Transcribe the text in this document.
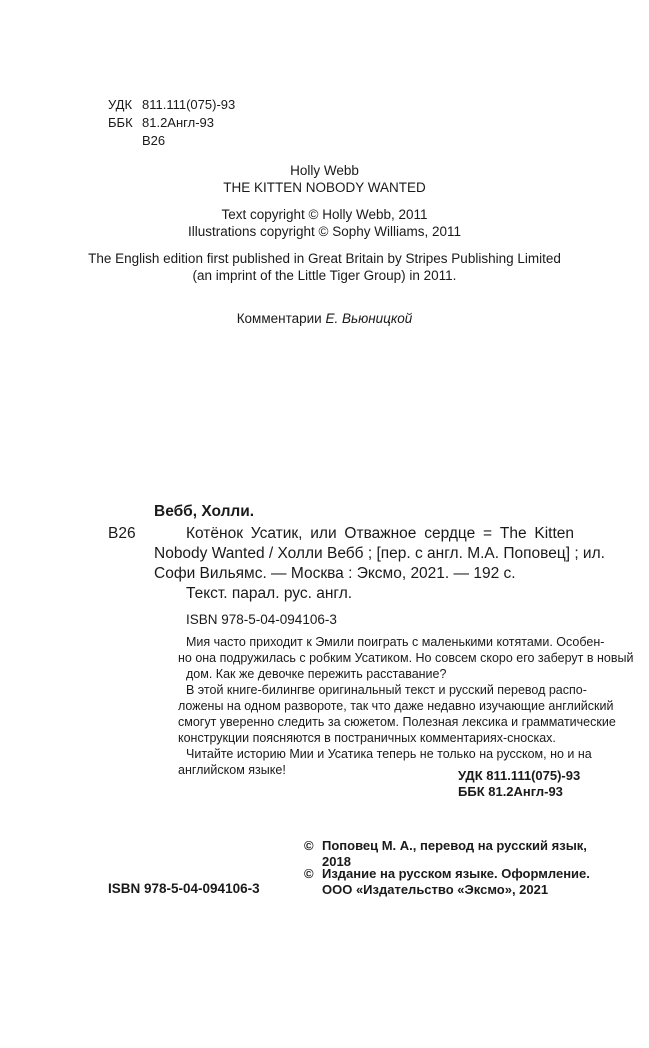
УДК 811.111(075)-93
ББК 81.2Англ-93
В26
Holly Webb
THE KITTEN NOBODY WANTED
Text copyright © Holly Webb, 2011
Illustrations copyright © Sophy Williams, 2011
The English edition first published in Great Britain by Stripes Publishing Limited
(an imprint of the Little Tiger Group) in 2011.
Комментарии Е. Вьюницкой
Вебб, Холли.
В26	Котёнок Усатик, или Отважное сердце = The Kitten
Nobody Wanted / Холли Вебб ; [пер. с англ. М.А. Поповец] ; ил.
Софи Вильямс. — Москва : Эксмо, 2021. — 192 с.
Текст. парал. рус. англ.
ISBN 978-5-04-094106-3
Мия часто приходит к Эмили поиграть с маленькими котятами. Особен-
но она подружилась с робким Усатиком. Но совсем скоро его заберут в новый
дом. Как же девочке пережить расставание?
В этой книге-билингве оригинальный текст и русский перевод распо-
ложены на одном развороте, так что даже недавно изучающие английский
смогут уверенно следить за сюжетом. Полезная лексика и грамматические
конструкции поясняются в постраничных комментариях-сносках.
Читайте историю Мии и Усатика теперь не только на русском, но и на
английском языке!	УДК 811.111(075)-93
ББК 81.2Англ-93
ISBN 978-5-04-094106-3
© Поповец М. А., перевод на русский язык,
2018
© Издание на русском языке. Оформление.
ООО «Издательство «Эксмо», 2021
